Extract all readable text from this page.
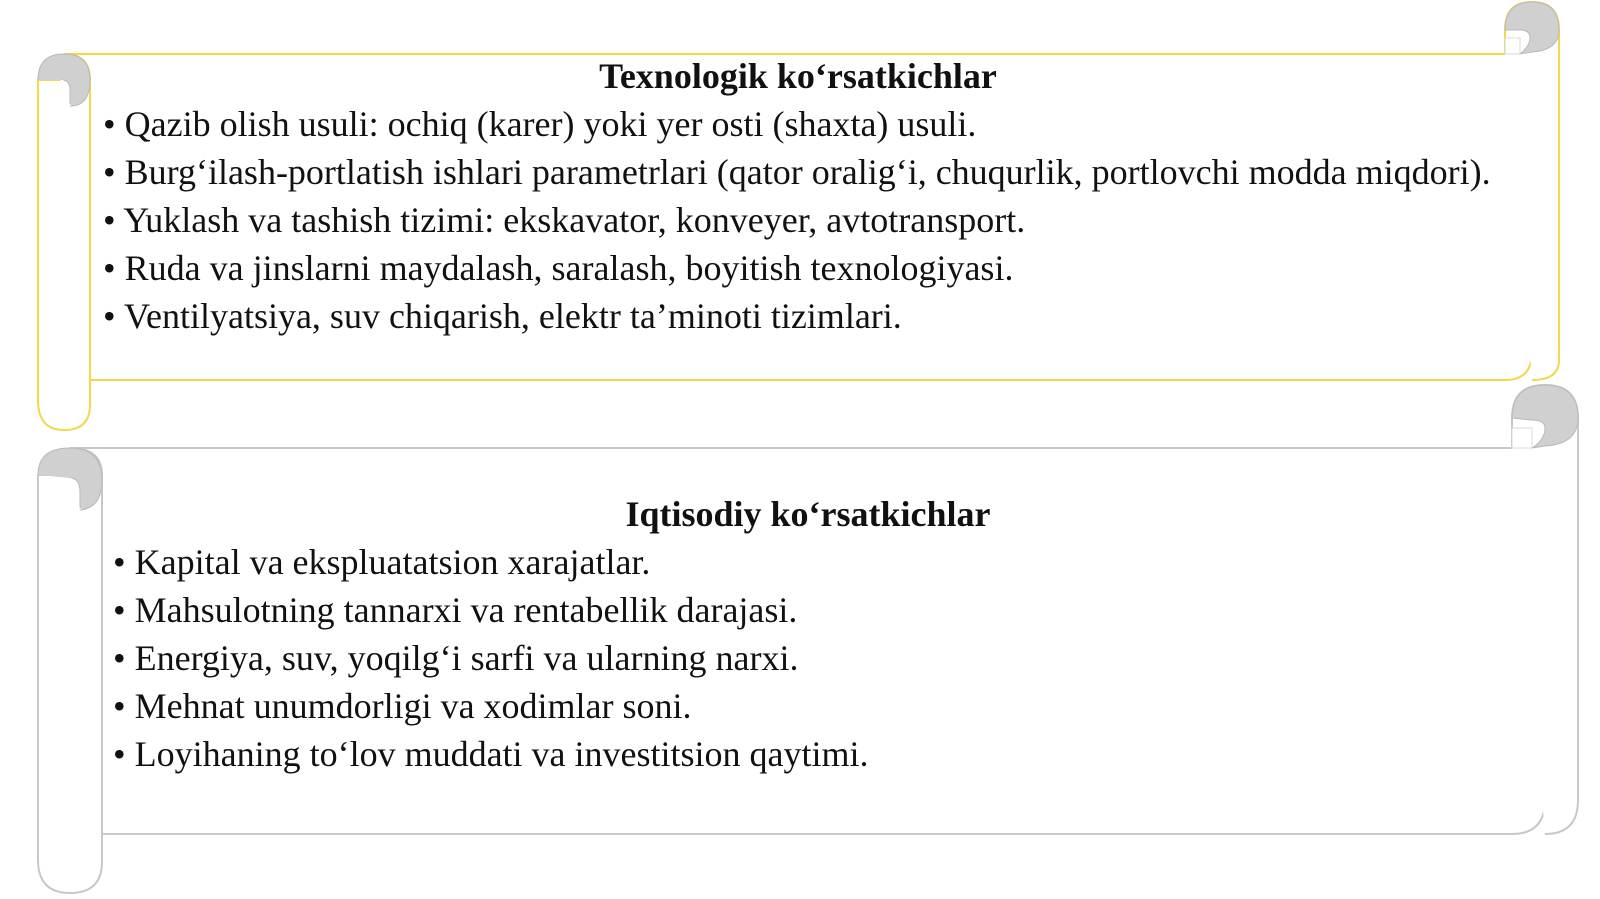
Texnologik ko‘rsatkichlar
• Qazib olish usuli: ochiq (karer) yoki yer osti (shaxta) usuli.
• Burg‘ilash-portlatish ishlari parametrlari (qator oralig‘i, chuqurlik, portlovchi modda miqdori).
• Yuklash va tashish tizimi: ekskavator, konveyer, avtotransport.
• Ruda va jinslarni maydalash, saralash, boyitish texnologiyasi.
• Ventilyatsiya, suv chiqarish, elektr ta’minoti tizimlari.
Iqtisodiy ko‘rsatkichlar
• Kapital va ekspluatatsion xarajatlar.
• Mahsulotning tannarxi va rentabellik darajasi.
• Energiya, suv, yoqilg‘i sarfi va ularning narxi.
• Mehnat unumdorligi va xodimlar soni.
• Loyihaning to‘lov muddati va investitsion qaytimi.
